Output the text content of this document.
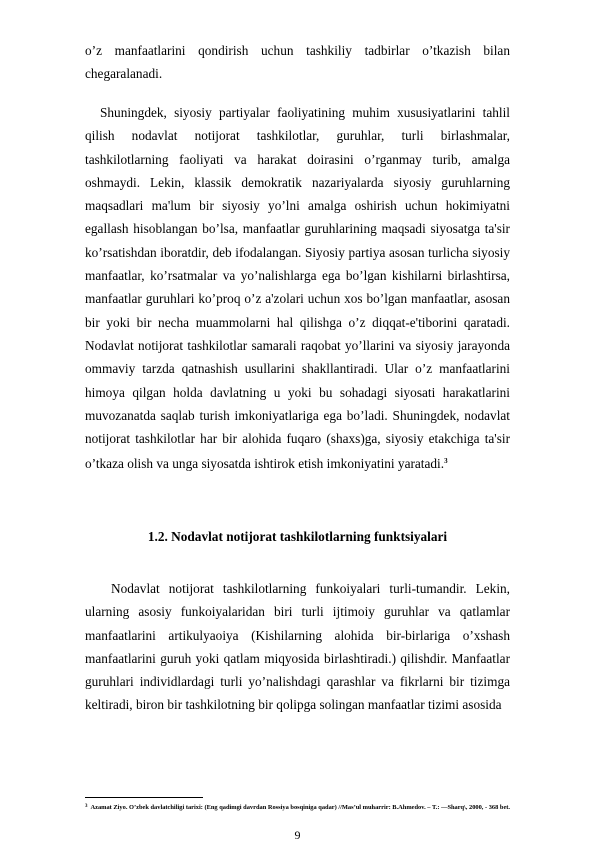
o’z manfaatlarini qondirish uchun tashkiliy tadbirlar o’tkazish bilan chegaralanadi.

Shuningdek, siyosiy partiyalar faoliyatining muhim xususiyatlarini tahlil qilish nodavlat notijorat tashkilotlar, guruhlar, turli birlashmalar, tashkilotlarning faoliyati va harakat doirasini o’rganmay turib, amalga oshmaydi. Lekin, klassik demokratik nazariyalarda siyosiy guruhlarning maqsadlari ma'lum bir siyosiy yo’lni amalga oshirish uchun hokimiyatni egallash hisoblangan bo’lsa, manfaatlar guruhlarining maqsadi siyosatga ta'sir ko’rsatishdan iboratdir, deb ifodalangan. Siyosiy partiya asosan turlicha siyosiy manfaatlar, ko’rsatmalar va yo’nalishlarga ega bo’lgan kishilarni birlashtirsa, manfaatlar guruhlari ko’proq o’z a'zolari uchun xos bo’lgan manfaatlar, asosan bir yoki bir necha muammolarni hal qilishga o’z diqqat-e'tiborini qaratadi. Nodavlat notijorat tashkilotlar samarali raqobat yo’llarini va siyosiy jarayonda ommaviy tarzda qatnashish usullarini shakllantiradi. Ular o’z manfaatlarini himoya qilgan holda davlatning u yoki bu sohadagi siyosati harakatlarini muvozanatda saqlab turish imkoniyatlariga ega bo’ladi. Shuningdek, nodavlat notijorat tashkilotlar har bir alohida fuqaro (shaxs)ga, siyosiy etakchiga ta'sir o’tkaza olish va unga siyosatda ishtirok etish imkoniyatini yaratadi.$^3$

1.2. Nodavlat notijorat tashkilotlarning funktsiyalari

Nodavlat notijorat tashkilotlarning funkoiyalari turli-tumandir. Lekin, ularning asosiy funkoiyalaridan biri turli ijtimoiy guruhlar va qatlamlar manfaatlarini artikulyaoiya (Kishilarning alohida bir-birlariga o’xshash manfaatlarini guruh yoki qatlam miqyosida birlashtiradi.) qilishdir. Manfaatlar guruhlari individlardagi turli yo’nalishdagi qarashlar va fikrlarni bir tizimga keltiradi, biron bir tashkilotning bir qolipga solingan manfaatlar tizimi asosida

$^3$ Azamat Ziyo. O’zbek davlatchiligi tarixi: (Eng qadimgi davrdan Rossiya bosqiniga qadar) //Mas’ul muharrir: B.Ahmedov. – T.: —Sharq\, 2000, - 368 bet.
9
